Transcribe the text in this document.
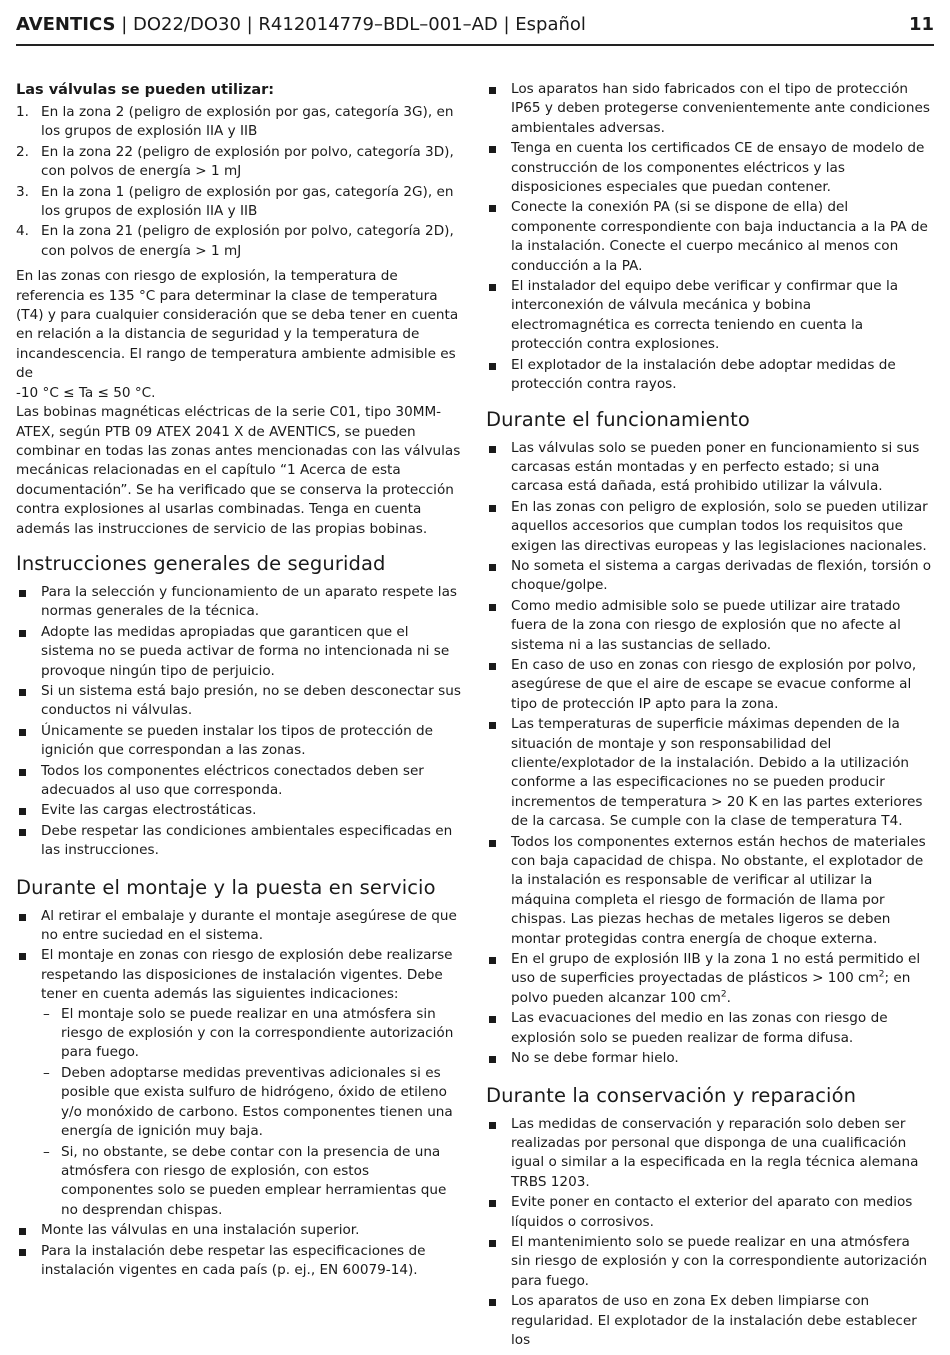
AVENTICS | DO22/DO30 | R412014779–BDL–001–AD | Español	11
Las válvulas se pueden utilizar:
1. En la zona 2 (peligro de explosión por gas, categoría 3G), en los grupos de explosión IIA y IIB
2. En la zona 22 (peligro de explosión por polvo, categoría 3D), con polvos de energía > 1 mJ
3. En la zona 1 (peligro de explosión por gas, categoría 2G), en los grupos de explosión IIA y IIB
4. En la zona 21 (peligro de explosión por polvo, categoría 2D), con polvos de energía > 1 mJ

En las zonas con riesgo de explosión, la temperatura de referencia es 135 °C para determinar la clase de temperatura (T4) y para cualquier consideración que se deba tener en cuenta en relación a la distancia de seguridad y la temperatura de incandescencia. El rango de temperatura ambiente admisible es de
-10 °C ≤ Ta ≤ 50 °C.

Las bobinas magnéticas eléctricas de la serie C01, tipo 30MM-ATEX, según PTB 09 ATEX 2041 X de AVENTICS, se pueden combinar en todas las zonas antes mencionadas con las válvulas mecánicas relacionadas en el capítulo “1 Acerca de esta documentación”. Se ha verificado que se conserva la protección contra explosiones al usarlas combinadas. Tenga en cuenta además las instrucciones de servicio de las propias bobinas.

Instrucciones generales de seguridad
Para la selección y funcionamiento de un aparato respete las normas generales de la técnica.
Adopte las medidas apropiadas que garanticen que el sistema no se pueda activar de forma no intencionada ni se provoque ningún tipo de perjuicio.
Si un sistema está bajo presión, no se deben desconectar sus conductos ni válvulas.
Únicamente se pueden instalar los tipos de protección de ignición que correspondan a las zonas.
Todos los componentes eléctricos conectados deben ser adecuados al uso que corresponda.
Evite las cargas electrostáticas.
Debe respetar las condiciones ambientales especificadas en las instrucciones.
Durante el montaje y la puesta en servicio
Al retirar el embalaje y durante el montaje asegúrese de que no entre suciedad en el sistema.
El montaje en zonas con riesgo de explosión debe realizarse respetando las disposiciones de instalación vigentes. Debe tener en cuenta además las siguientes indicaciones:
– El montaje solo se puede realizar en una atmósfera sin riesgo de explosión y con la correspondiente autorización para fuego.
– Deben adoptarse medidas preventivas adicionales si es posible que exista sulfuro de hidrógeno, óxido de etileno y/o monóxido de carbono. Estos componentes tienen una energía de ignición muy baja.
– Si, no obstante, se debe contar con la presencia de una atmósfera con riesgo de explosión, con estos componentes solo se pueden emplear herramientas que no desprendan chispas.
Monte las válvulas en una instalación superior.
Para la instalación debe respetar las especificaciones de instalación vigentes en cada país (p. ej., EN 60079-14).
Los aparatos han sido fabricados con el tipo de protección IP65 y deben protegerse convenientemente ante condiciones ambientales adversas.
Tenga en cuenta los certificados CE de ensayo de modelo de construcción de los componentes eléctricos y las disposiciones especiales que puedan contener.
Conecte la conexión PA (si se dispone de ella) del componente correspondiente con baja inductancia a la PA de la instalación. Conecte el cuerpo mecánico al menos con conducción a la PA.
El instalador del equipo debe verificar y confirmar que la interconexión de válvula mecánica y bobina electromagnética es correcta teniendo en cuenta la protección contra explosiones.
El explotador de la instalación debe adoptar medidas de protección contra rayos.
Durante el funcionamiento
Las válvulas solo se pueden poner en funcionamiento si sus carcasas están montadas y en perfecto estado; si una carcasa está dañada, está prohibido utilizar la válvula.
En las zonas con peligro de explosión, solo se pueden utilizar aquellos accesorios que cumplan todos los requisitos que exigen las directivas europeas y las legislaciones nacionales.
No someta el sistema a cargas derivadas de flexión, torsión o choque/golpe.
Como medio admisible solo se puede utilizar aire tratado fuera de la zona con riesgo de explosión que no afecte al sistema ni a las sustancias de sellado.
En caso de uso en zonas con riesgo de explosión por polvo, asegúrese de que el aire de escape se evacue conforme al tipo de protección IP apto para la zona.
Las temperaturas de superficie máximas dependen de la situación de montaje y son responsabilidad del cliente/explotador de la instalación. Debido a la utilización conforme a las especificaciones no se pueden producir incrementos de temperatura > 20 K en las partes exteriores de la carcasa. Se cumple con la clase de temperatura T4.
Todos los componentes externos están hechos de materiales con baja capacidad de chispa. No obstante, el explotador de la instalación es responsable de verificar al utilizar la máquina completa el riesgo de formación de llama por chispas. Las piezas hechas de metales ligeros se deben montar protegidas contra energía de choque externa.
En el grupo de explosión IIB y la zona 1 no está permitido el uso de superficies proyectadas de plásticos > 100 $cm^2$; en polvo pueden alcanzar 100 $cm^2$.
Las evacuaciones del medio en las zonas con riesgo de explosión solo se pueden realizar de forma difusa.
No se debe formar hielo.
Durante la conservación y reparación
Las medidas de conservación y reparación solo deben ser realizadas por personal que disponga de una cualificación igual o similar a la especificada en la regla técnica alemana TRBS 1203.
Evite poner en contacto el exterior del aparato con medios líquidos o corrosivos.
El mantenimiento solo se puede realizar en una atmósfera sin riesgo de explosión y con la correspondiente autorización para fuego.
Los aparatos de uso en zona Ex deben limpiarse con regularidad. El explotador de la instalación debe establecer los
